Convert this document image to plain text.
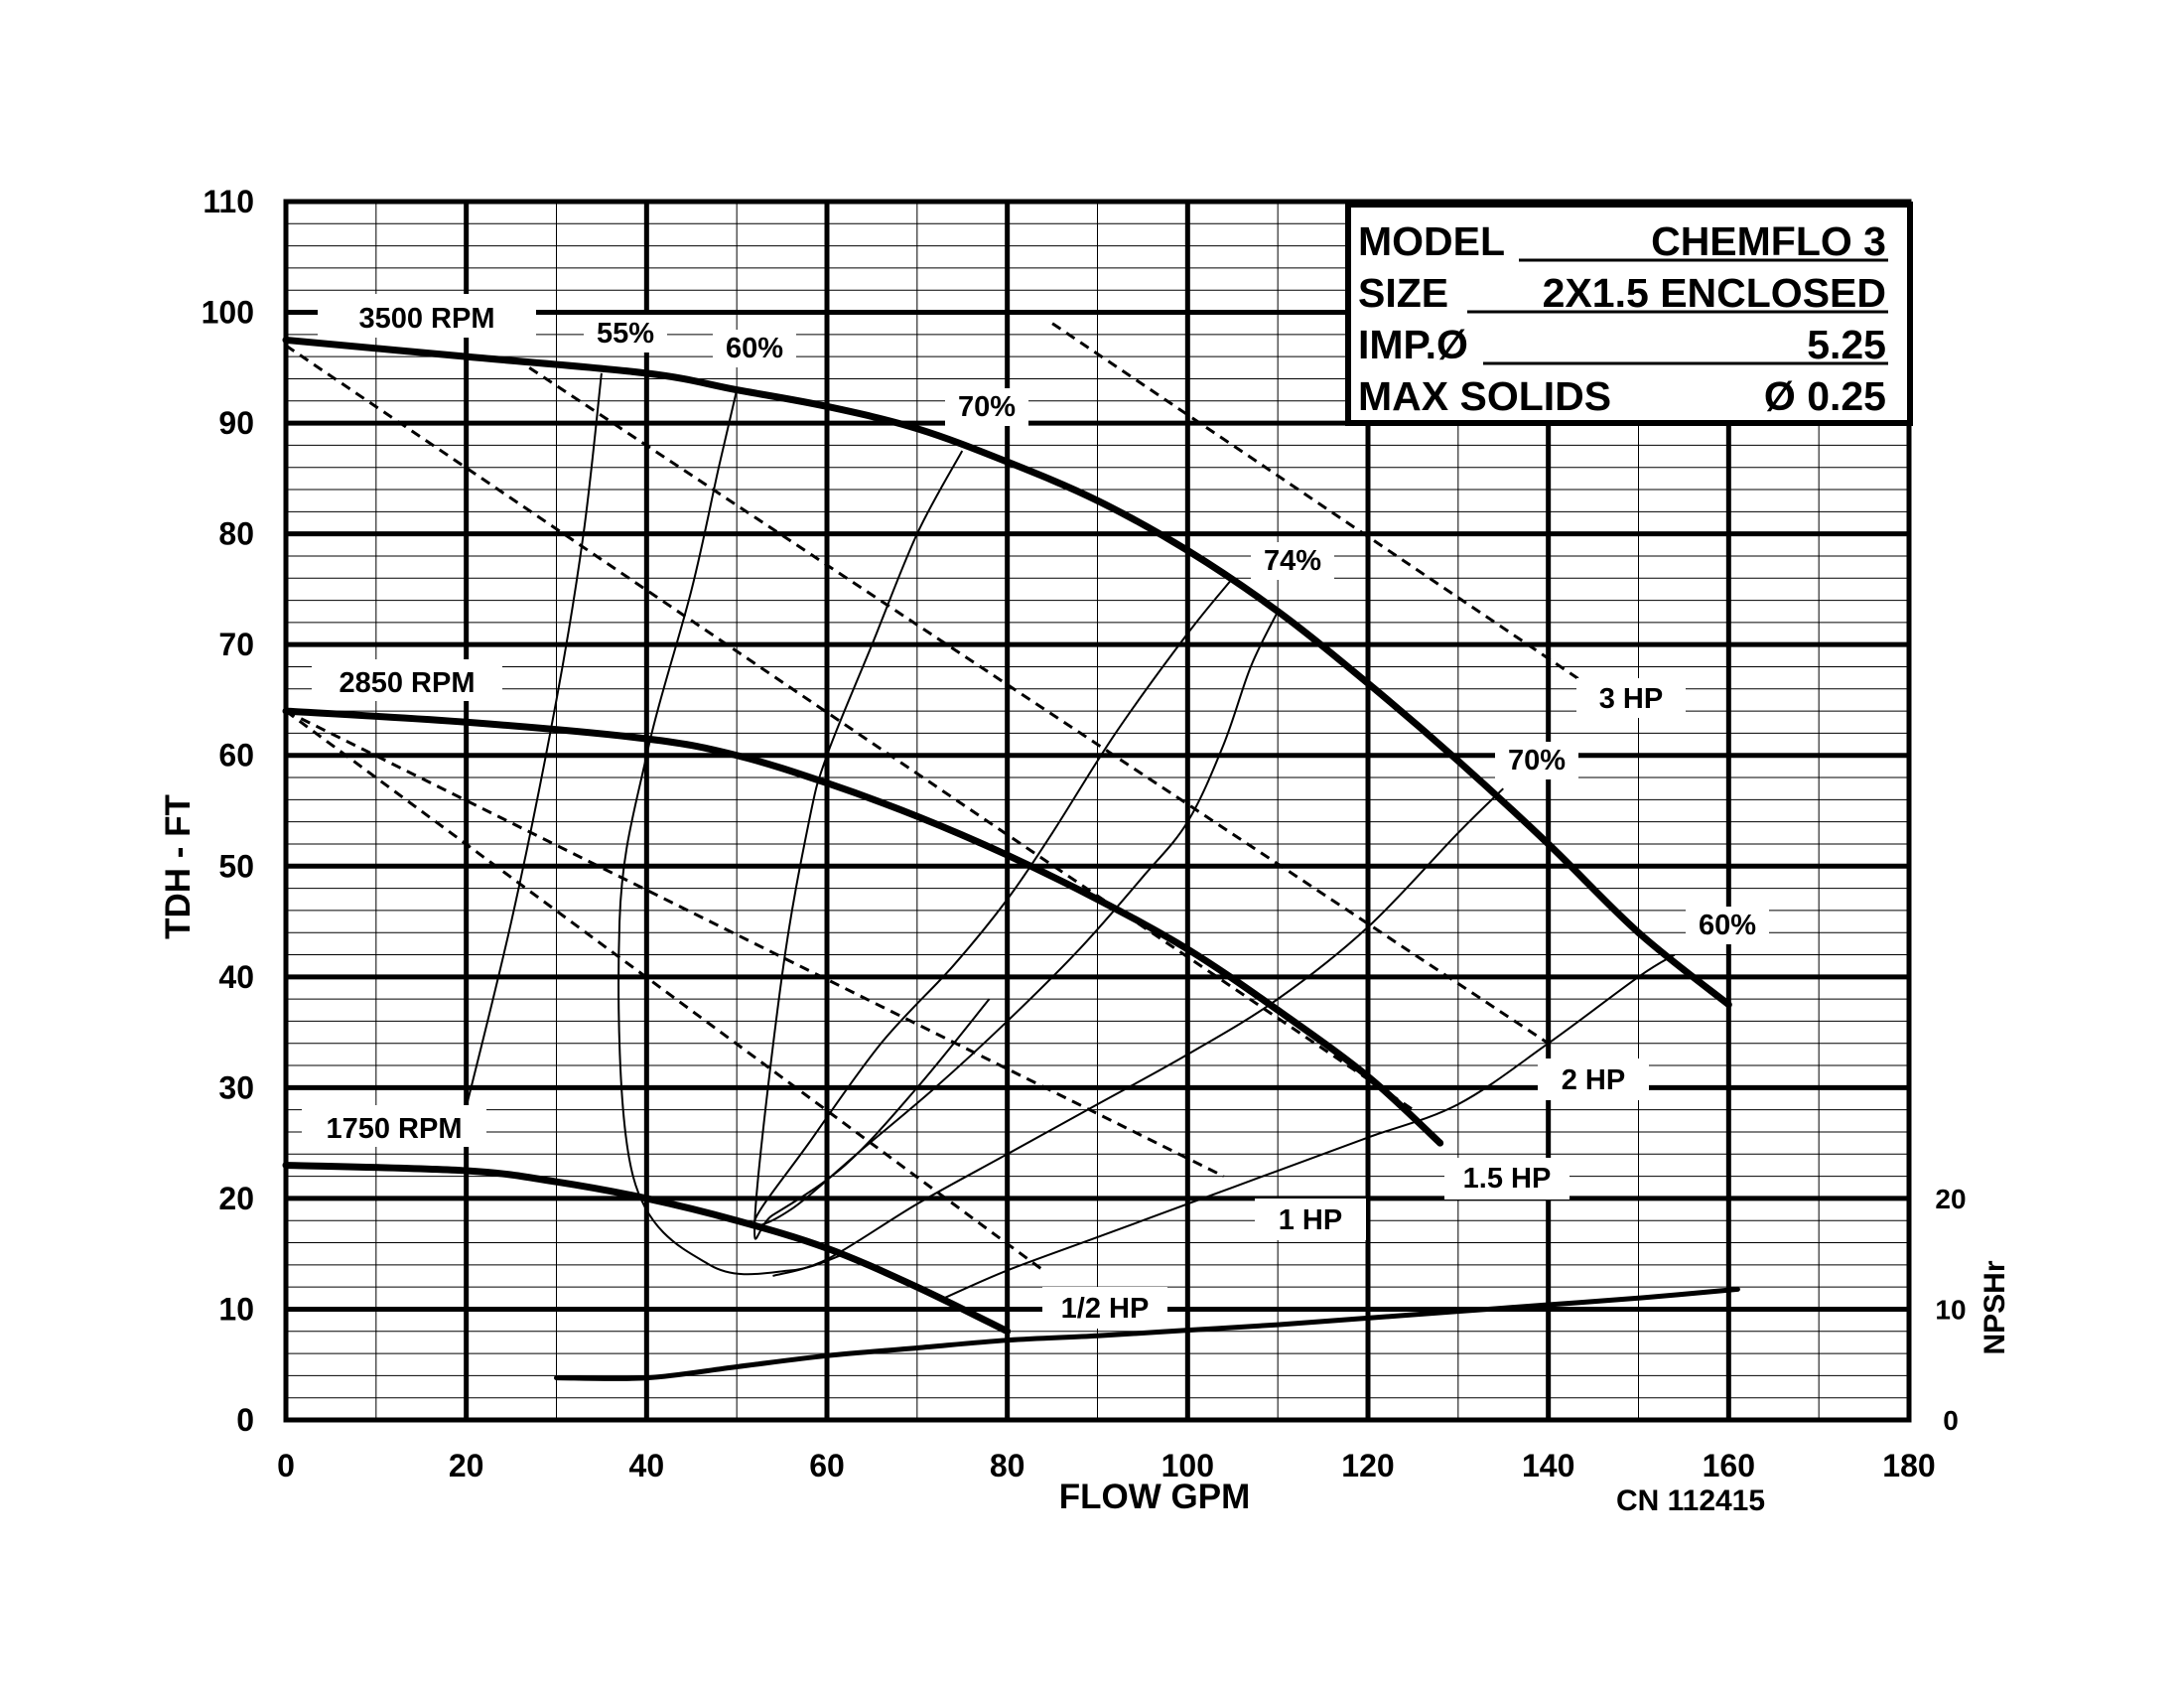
0	20	40	60	80	100	120	140	160	180
0
10
20
30
40
50
60
70
80
90
100
110
0
10
20
FLOW GPM
TDH - FT
NPSHr
CN 112415
3500 RPM
2850 RPM
1750 RPM
55% 60%
70%
74%
70%
60%
3 HP
2 HP
1.5 HP
1 HP
1/2 HP
MODEL	CHEMFLO 3
SIZE 2X1.5 ENCLOSED
IMP.Ø	5.25
MAX SOLIDS	Ø 0.25
